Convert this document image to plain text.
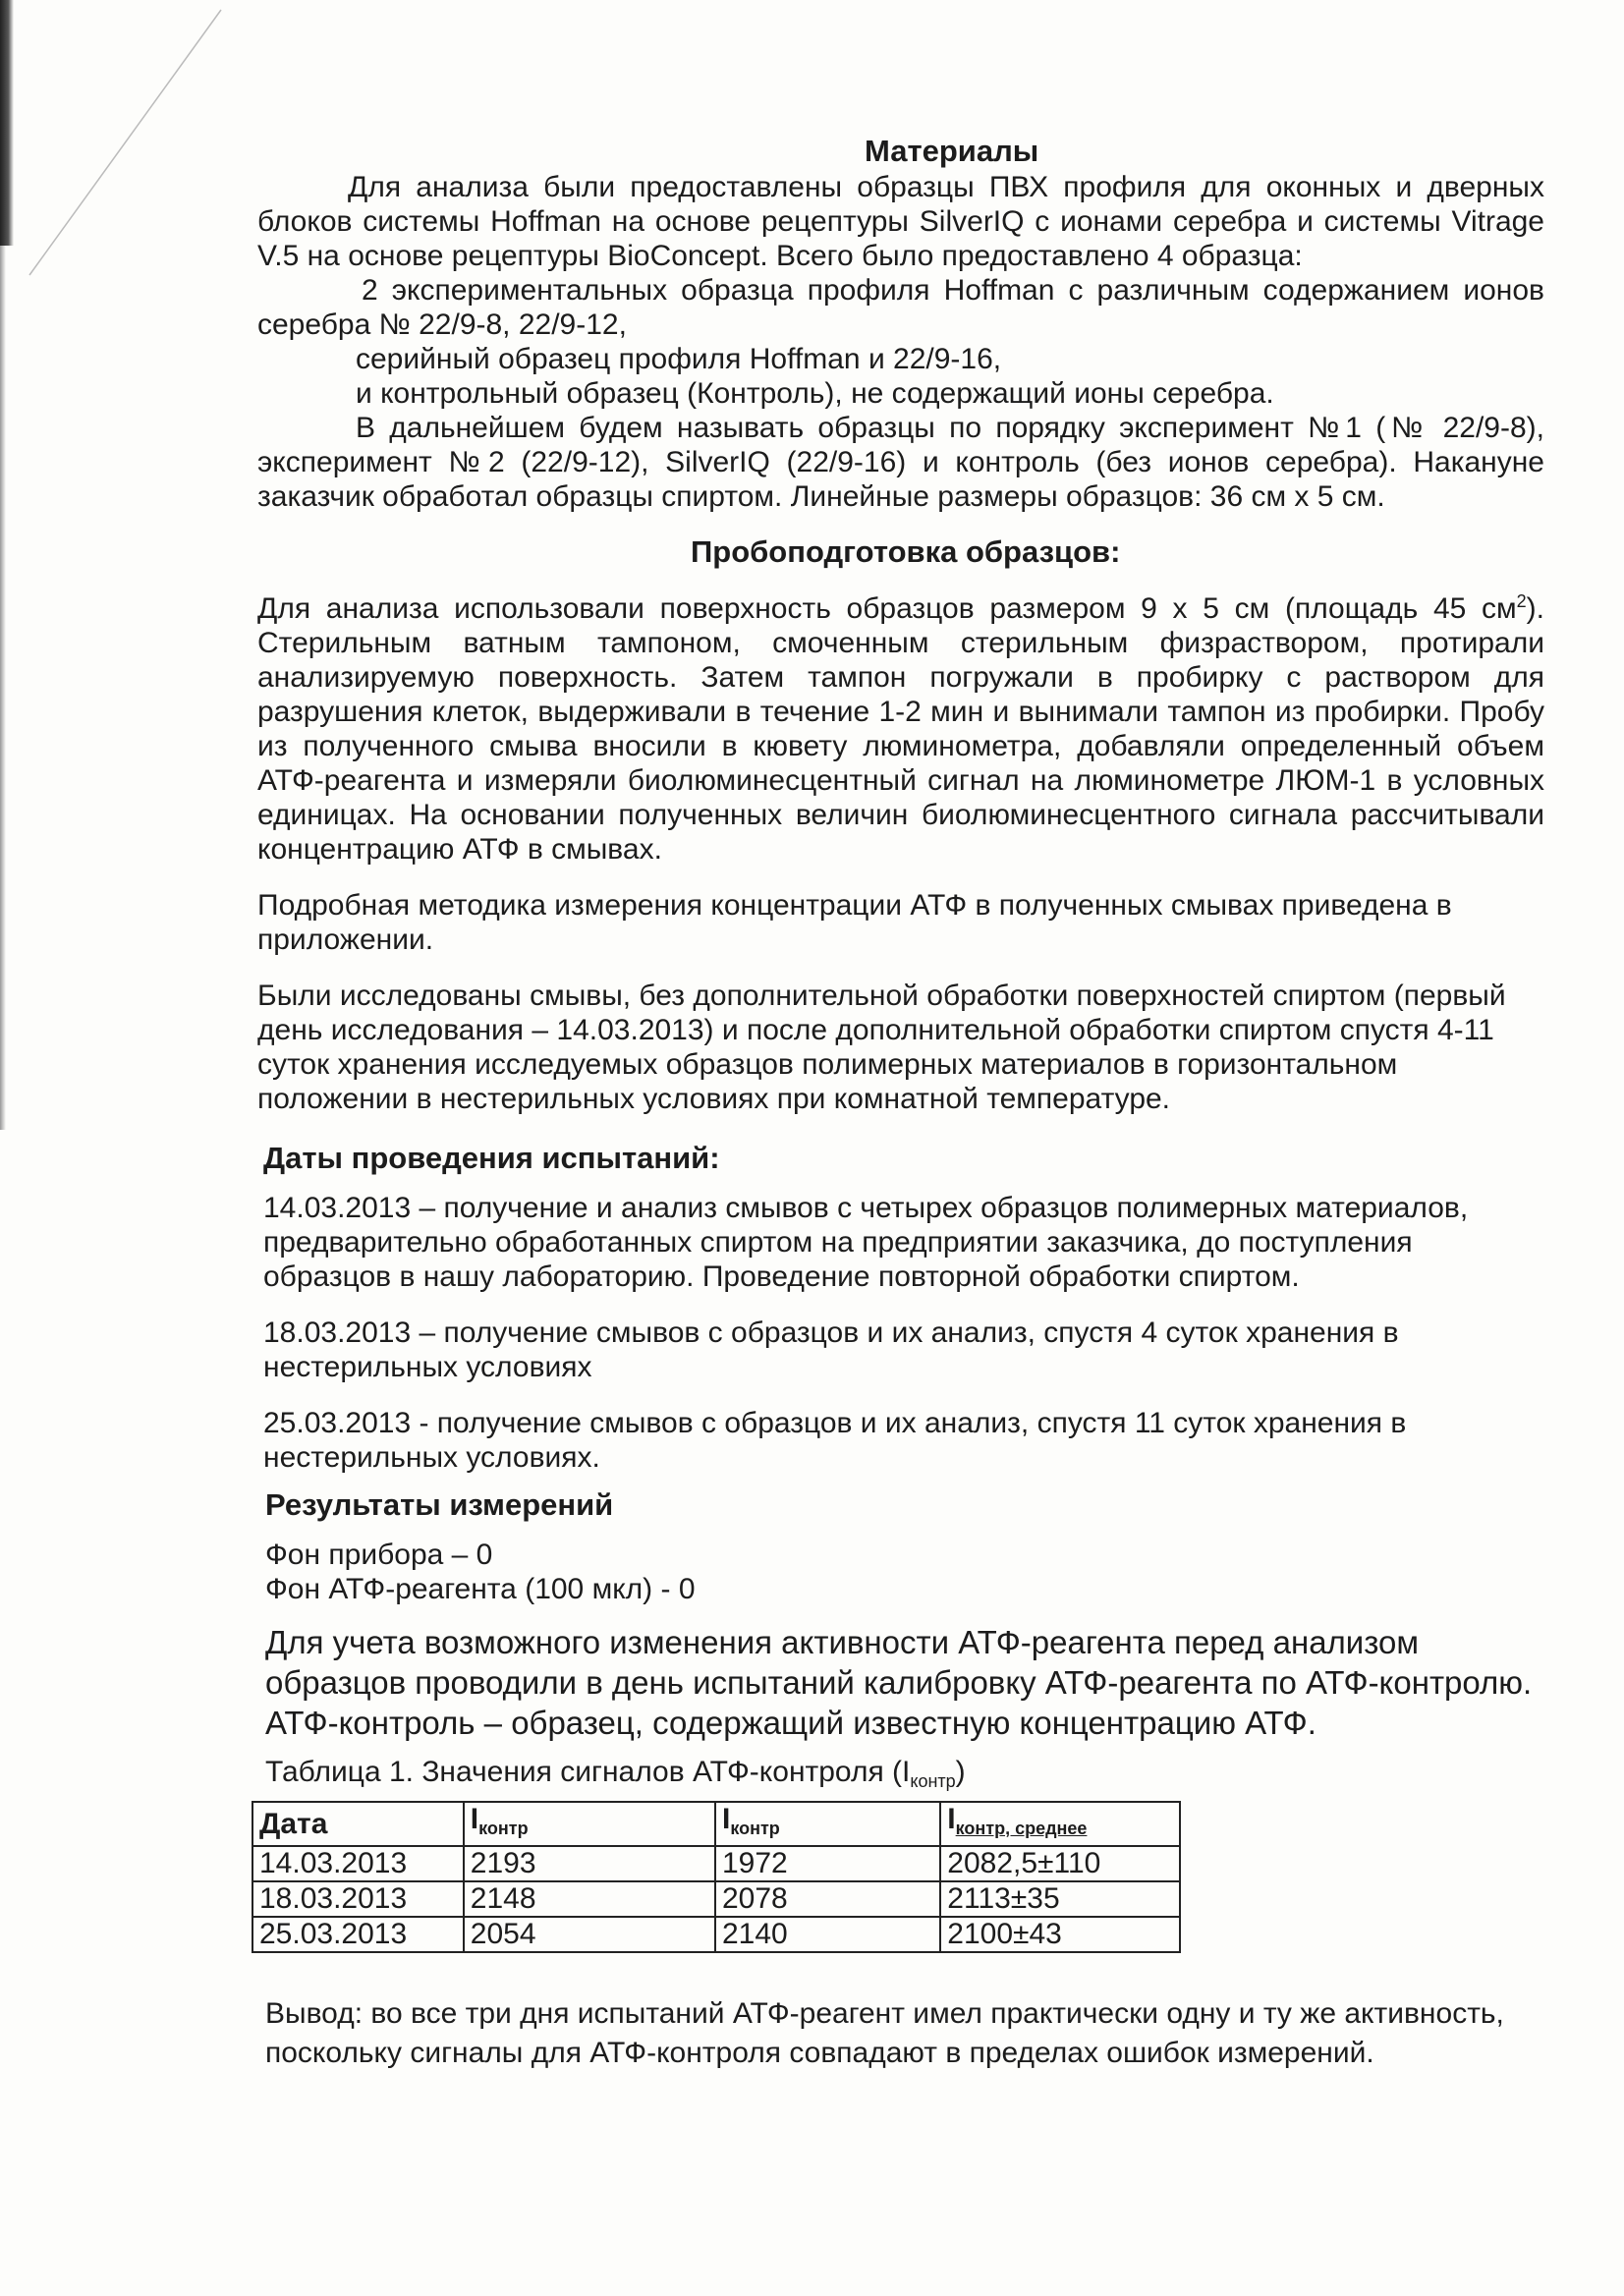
Материалы

Для анализа были предоставлены образцы ПВХ профиля для оконных и дверных блоков системы Hoffman на основе рецептуры SilverIQ с ионами серебра и системы Vitrage V.5 на основе рецептуры BioConcept. Всего было предоставлено 4 образца:

2 экспериментальных образца профиля Hoffman с различным содержанием ионов серебра № 22/9-8, 22/9-12,

серийный образец профиля Hoffman и 22/9-16,

и контрольный образец (Контроль), не содержащий ионы серебра.

В дальнейшем будем называть образцы по порядку эксперимент №1 (№ 22/9-8), эксперимент №2 (22/9-12), SilverIQ (22/9-16) и контроль (без ионов серебра). Накануне заказчик обработал образцы спиртом. Линейные размеры образцов: 36 см х 5 см.

Пробоподготовка образцов:

Для анализа использовали поверхность образцов размером 9 х 5 см (площадь 45 $см^2$). Стерильным ватным тампоном, смоченным стерильным физраствором, протирали анализируемую поверхность. Затем тампон погружали в пробирку с раствором для разрушения клеток, выдерживали в течение 1-2 мин и вынимали тампон из пробирки. Пробу из полученного смыва вносили в кювету люминометра, добавляли определенный объем АТФ-реагента и измеряли биолюминесцентный сигнал на люминометре ЛЮМ-1 в условных единицах. На основании полученных величин биолюминесцентного сигнала рассчитывали концентрацию АТФ в смывах.

Подробная методика измерения концентрации АТФ в полученных смывах приведена в приложении.

Были исследованы смывы, без дополнительной обработки поверхностей спиртом (первый день исследования – 14.03.2013) и после дополнительной обработки спиртом спустя 4-11 суток хранения исследуемых образцов полимерных материалов в горизонтальном положении в нестерильных условиях при комнатной температуре.

Даты проведения испытаний:

14.03.2013 – получение и анализ смывов с четырех образцов полимерных материалов, предварительно обработанных спиртом на предприятии заказчика, до поступления образцов в нашу лабораторию. Проведение повторной обработки спиртом.

18.03.2013 – получение смывов с образцов и их анализ, спустя 4 суток хранения в нестерильных условиях

25.03.2013 - получение смывов с образцов и их анализ, спустя 11 суток хранения в нестерильных условиях.

Результаты измерений

Фон прибора – 0

Фон АТФ-реагента (100 мкл) - 0

Для учета возможного изменения активности АТФ-реагента перед анализом образцов проводили в день испытаний калибровку АТФ-реагента по АТФ-контролю. АТФ-контроль – образец, содержащий известную концентрацию АТФ.

Таблица 1. Значения сигналов АТФ-контроля $(I_{контр})$

Дата	$I_{контр}$	$I_{контр}$	$I_{контр, среднее}$
14.03.2013	2193	1972	2082,5±110
18.03.2013	2148	2078	2113±35
25.03.2013	2054	2140	2100±43

Вывод: во все три дня испытаний АТФ-реагент имел практически одну и ту же активность, поскольку сигналы для АТФ-контроля совпадают в пределах ошибок измерений.
